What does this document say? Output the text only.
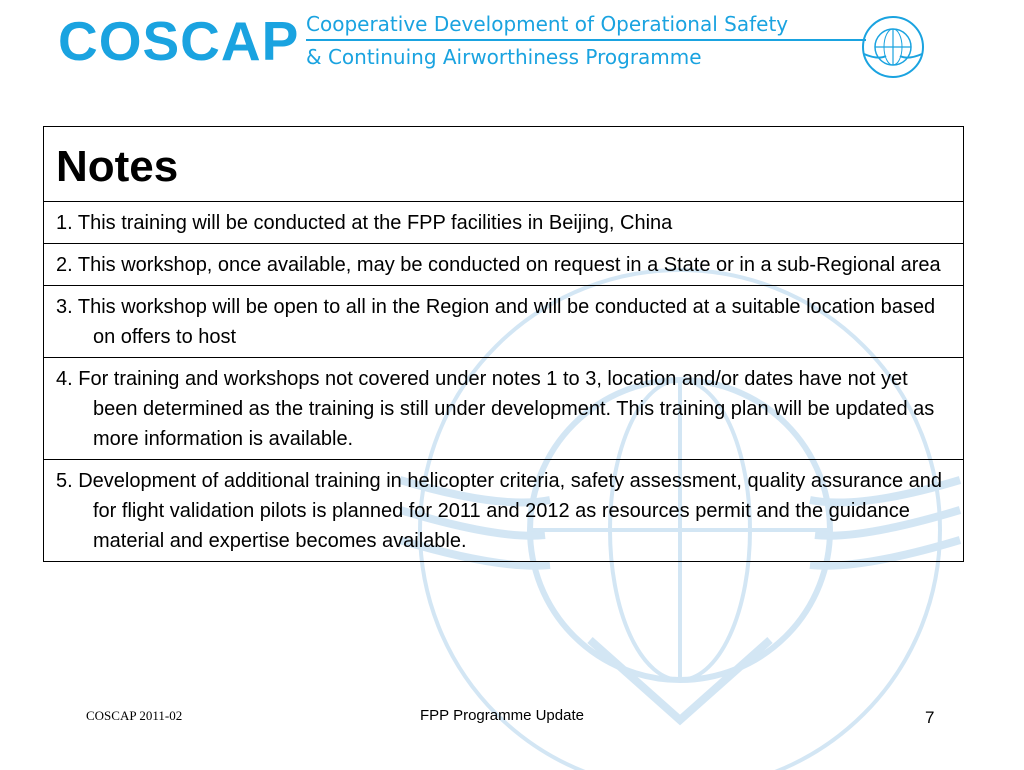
COSCAP Cooperative Development of Operational Safety
& Continuing Airworthiness Programme
Notes
1. This training will be conducted at the FPP facilities in Beijing, China
2. This workshop, once available, may be conducted on request in a State or in a sub-Regional area
3. This workshop will be open to all in the Region and will be conducted at a suitable location based on offers to host
4. For training and workshops not covered under notes 1 to 3, location and/or dates have not yet been determined as the training is still under development. This training plan will be updated as more information is available.
5. Development of additional training in helicopter criteria, safety assessment, quality assurance and for flight validation pilots is planned for 2011 and 2012 as resources permit and the guidance material and expertise becomes available.
COSCAP 2011-02	FPP Programme Update	7
